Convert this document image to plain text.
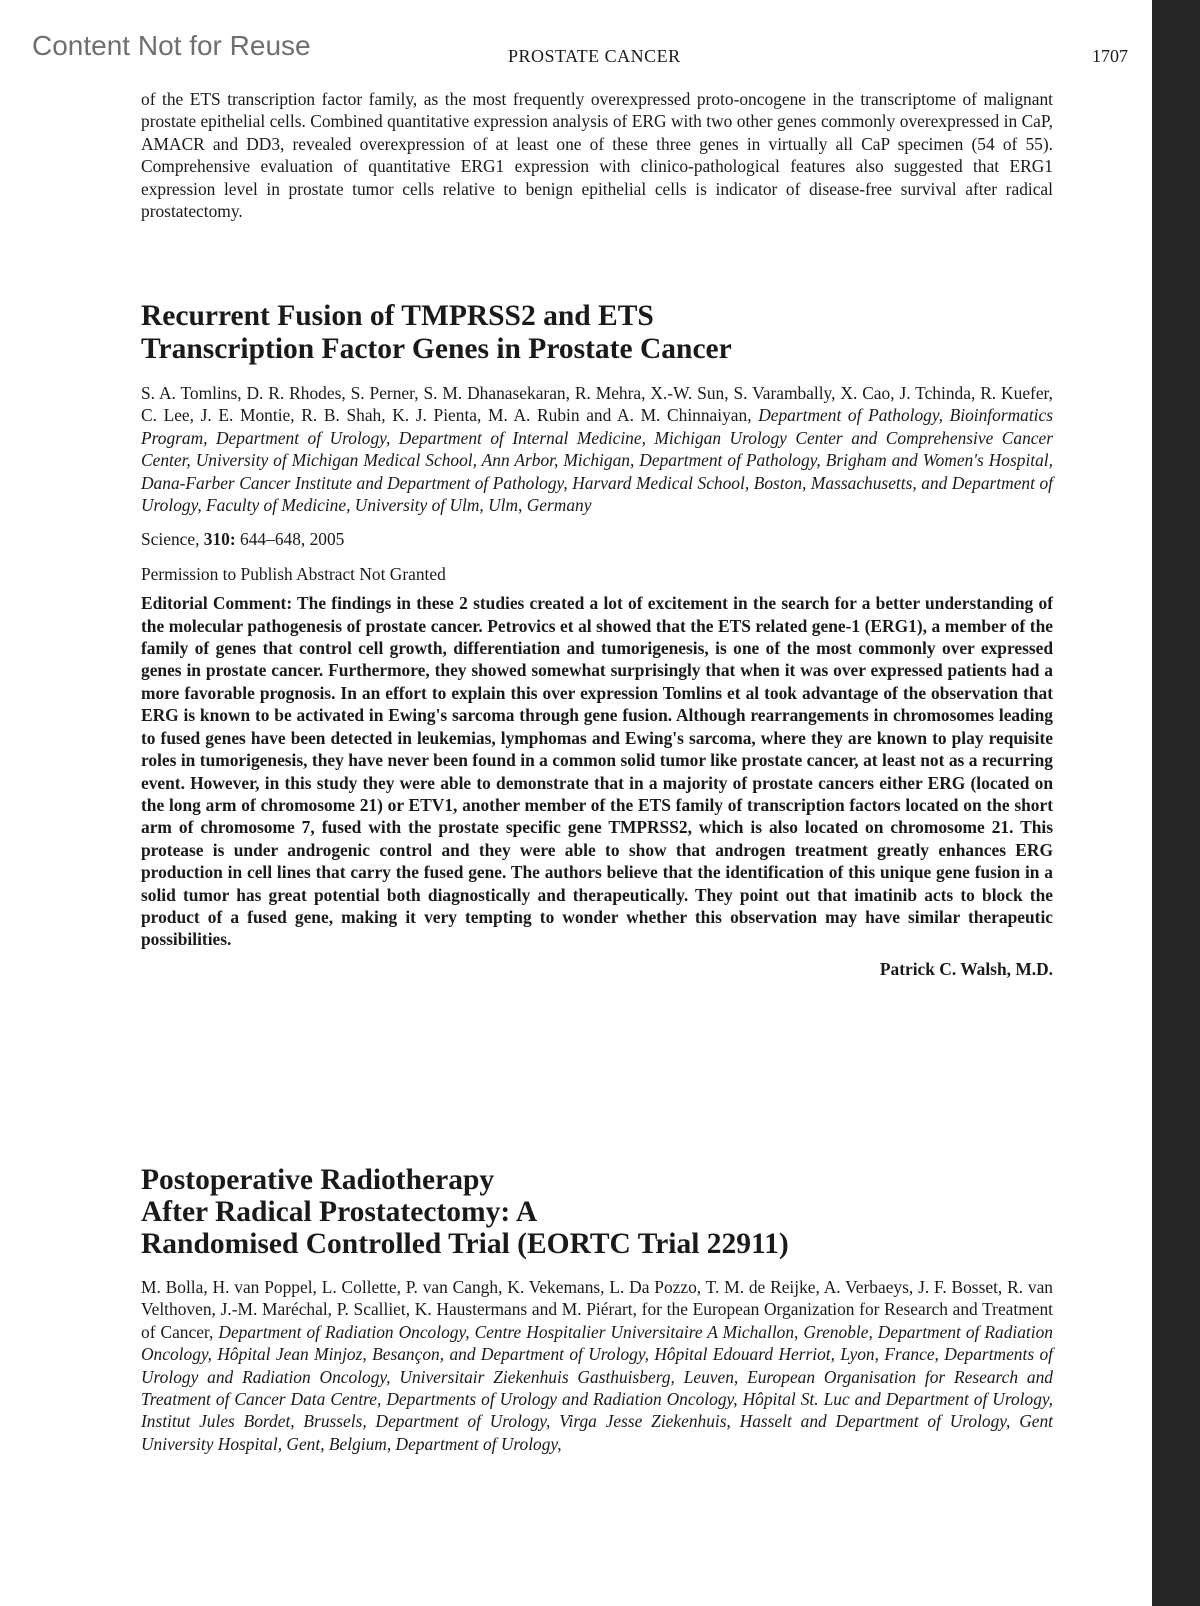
Content Not for Reuse	PROSTATE CANCER	1707

of the ETS transcription factor family, as the most frequently overexpressed proto-oncogene in the transcriptome of malignant prostate epithelial cells. Combined quantitative expression analysis of ERG with two other genes commonly overexpressed in CaP, AMACR and DD3, revealed overexpression of at least one of these three genes in virtually all CaP specimen (54 of 55). Comprehensive evaluation of quantitative ERG1 expression with clinico-pathological features also suggested that ERG1 expression level in prostate tumor cells relative to benign epithelial cells is indicator of disease-free survival after radical prostatectomy.

Recurrent Fusion of TMPRSS2 and ETS
Transcription Factor Genes in Prostate Cancer

S. A. Tomlins, D. R. Rhodes, S. Perner, S. M. Dhanasekaran, R. Mehra, X.-W. Sun, S. Varambally, X. Cao, J. Tchinda, R. Kuefer, C. Lee, J. E. Montie, R. B. Shah, K. J. Pienta, M. A. Rubin and A. M. Chinnaiyan, Department of Pathology, Bioinformatics Program, Department of Urology, Department of Internal Medicine, Michigan Urology Center and Comprehensive Cancer Center, University of Michigan Medical School, Ann Arbor, Michigan, Department of Pathology, Brigham and Women's Hospital, Dana-Farber Cancer Institute and Department of Pathology, Harvard Medical School, Boston, Massachusetts, and Department of Urology, Faculty of Medicine, University of Ulm, Ulm, Germany

Science, 310: 644–648, 2005

Permission to Publish Abstract Not Granted

Editorial Comment: The findings in these 2 studies created a lot of excitement in the search for a better understanding of the molecular pathogenesis of prostate cancer. Petrovics et al showed that the ETS related gene-1 (ERG1), a member of the family of genes that control cell growth, differentiation and tumorigenesis, is one of the most commonly over expressed genes in prostate cancer. Furthermore, they showed somewhat surprisingly that when it was over expressed patients had a more favorable prognosis. In an effort to explain this over expression Tomlins et al took advantage of the observation that ERG is known to be activated in Ewing's sarcoma through gene fusion. Although rearrangements in chromosomes leading to fused genes have been detected in leukemias, lymphomas and Ewing's sarcoma, where they are known to play requisite roles in tumorigenesis, they have never been found in a common solid tumor like prostate cancer, at least not as a recurring event. However, in this study they were able to demonstrate that in a majority of prostate cancers either ERG (located on the long arm of chromosome 21) or ETV1, another member of the ETS family of transcription factors located on the short arm of chromosome 7, fused with the prostate specific gene TMPRSS2, which is also located on chromosome 21. This protease is under androgenic control and they were able to show that androgen treatment greatly enhances ERG production in cell lines that carry the fused gene. The authors believe that the identification of this unique gene fusion in a solid tumor has great potential both diagnostically and therapeutically. They point out that imatinib acts to block the product of a fused gene, making it very tempting to wonder whether this observation may have similar therapeutic possibilities.

Patrick C. Walsh, M.D.
Postoperative Radiotherapy
After Radical Prostatectomy: A
Randomised Controlled Trial (EORTC Trial 22911)

M. Bolla, H. van Poppel, L. Collette, P. van Cangh, K. Vekemans, L. Da Pozzo, T. M. de Reijke, A. Verbaeys, J. F. Bosset, R. van Velthoven, J.-M. Maréchal, P. Scalliet, K. Haustermans and M. Piérart, for the European Organization for Research and Treatment of Cancer, Department of Radiation Oncology, Centre Hospitalier Universitaire A Michallon, Grenoble, Department of Radiation Oncology, Hôpital Jean Minjoz, Besançon, and Department of Urology, Hôpital Edouard Herriot, Lyon, France, Departments of Urology and Radiation Oncology, Universitair Ziekenhuis Gasthuisberg, Leuven, European Organisation for Research and Treatment of Cancer Data Centre, Departments of Urology and Radiation Oncology, Hôpital St. Luc and Department of Urology, Institut Jules Bordet, Brussels, Department of Urology, Virga Jesse Ziekenhuis, Hasselt and Department of Urology, Gent University Hospital, Gent, Belgium, Department of Urology,
